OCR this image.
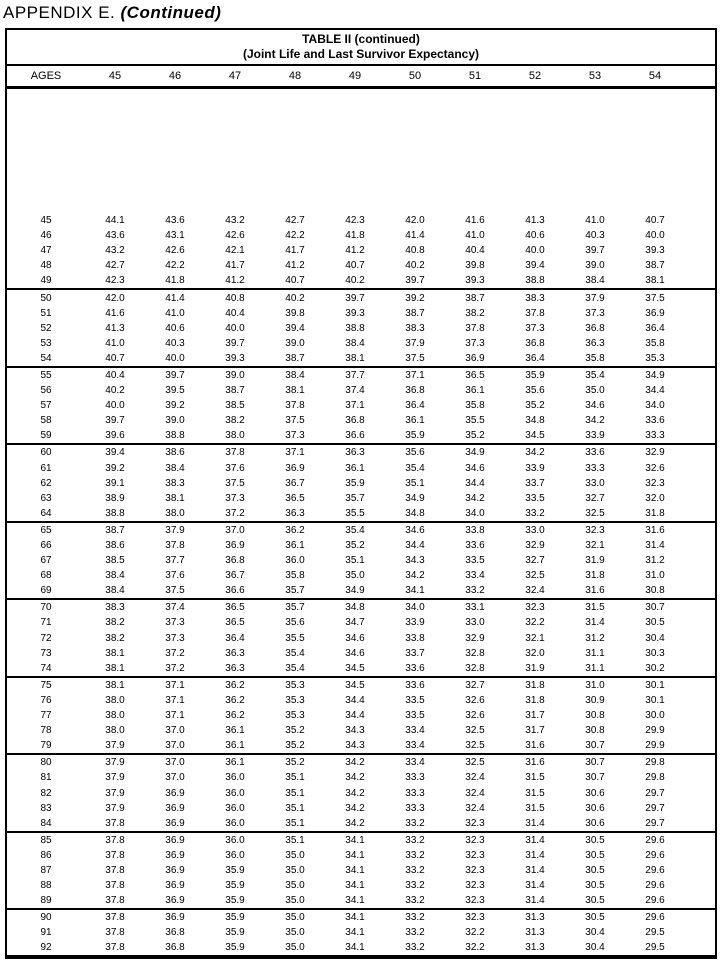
APPENDIX E. (Continued)
TABLE II (continued)
(Joint Life and Last Survivor Expectancy)
AGES	45	46	47	48	49	50	51	52	53	54
45	44.1	43.6	43.2	42.7	42.3	42.0	41.6	41.3	41.0	40.7
46	43.6	43.1	42.6	42.2	41.8	41.4	41.0	40.6	40.3	40.0
47	43.2	42.6	42.1	41.7	41.2	40.8	40.4	40.0	39.7	39.3
48	42.7	42.2	41.7	41.2	40.7	40.2	39.8	39.4	39.0	38.7
49	42.3	41.8	41.2	40.7	40.2	39.7	39.3	38.8	38.4	38.1
50	42.0	41.4	40.8	40.2	39.7	39.2	38.7	38.3	37.9	37.5
51	41.6	41.0	40.4	39.8	39.3	38.7	38.2	37.8	37.3	36.9
52	41.3	40.6	40.0	39.4	38.8	38.3	37.8	37.3	36.8	36.4
53	41.0	40.3	39.7	39.0	38.4	37.9	37.3	36.8	36.3	35.8
54	40.7	40.0	39.3	38.7	38.1	37.5	36.9	36.4	35.8	35.3
55	40.4	39.7	39.0	38.4	37.7	37.1	36.5	35.9	35.4	34.9
56	40.2	39.5	38.7	38.1	37.4	36.8	36.1	35.6	35.0	34.4
57	40.0	39.2	38.5	37.8	37.1	36.4	35.8	35.2	34.6	34.0
58	39.7	39.0	38.2	37.5	36.8	36.1	35.5	34.8	34.2	33.6
59	39.6	38.8	38.0	37.3	36.6	35.9	35.2	34.5	33.9	33.3
60	39.4	38.6	37.8	37.1	36.3	35.6	34.9	34.2	33.6	32.9
61	39.2	38.4	37.6	36.9	36.1	35.4	34.6	33.9	33.3	32.6
62	39.1	38.3	37.5	36.7	35.9	35.1	34.4	33.7	33.0	32.3
63	38.9	38.1	37.3	36.5	35.7	34.9	34.2	33.5	32.7	32.0
64	38.8	38.0	37.2	36.3	35.5	34.8	34.0	33.2	32.5	31.8
65	38.7	37.9	37.0	36.2	35.4	34.6	33.8	33.0	32.3	31.6
66	38.6	37.8	36.9	36.1	35.2	34.4	33.6	32.9	32.1	31.4
67	38.5	37.7	36.8	36.0	35.1	34.3	33.5	32.7	31.9	31.2
68	38.4	37.6	36.7	35.8	35.0	34.2	33.4	32.5	31.8	31.0
69	38.4	37.5	36.6	35.7	34.9	34.1	33.2	32.4	31.6	30.8
70	38.3	37.4	36.5	35.7	34.8	34.0	33.1	32.3	31.5	30.7
71	38.2	37.3	36.5	35.6	34.7	33.9	33.0	32.2	31.4	30.5
72	38.2	37.3	36.4	35.5	34.6	33.8	32.9	32.1	31.2	30.4
73	38.1	37.2	36.3	35.4	34.6	33.7	32.8	32.0	31.1	30.3
74	38.1	37.2	36.3	35.4	34.5	33.6	32.8	31.9	31.1	30.2
75	38.1	37.1	36.2	35.3	34.5	33.6	32.7	31.8	31.0	30.1
76	38.0	37.1	36.2	35.3	34.4	33.5	32.6	31.8	30.9	30.1
77	38.0	37.1	36.2	35.3	34.4	33.5	32.6	31.7	30.8	30.0
78	38.0	37.0	36.1	35.2	34.3	33.4	32.5	31.7	30.8	29.9
79	37.9	37.0	36.1	35.2	34.3	33.4	32.5	31.6	30.7	29.9
80	37.9	37.0	36.1	35.2	34.2	33.4	32.5	31.6	30.7	29.8
81	37.9	37.0	36.0	35.1	34.2	33.3	32.4	31.5	30.7	29.8
82	37.9	36.9	36.0	35.1	34.2	33.3	32.4	31.5	30.6	29.7
83	37.9	36.9	36.0	35.1	34.2	33.3	32.4	31.5	30.6	29.7
84	37.8	36.9	36.0	35.1	34.2	33.2	32.3	31.4	30.6	29.7
85	37.8	36.9	36.0	35.1	34.1	33.2	32.3	31.4	30.5	29.6
86	37.8	36.9	36.0	35.0	34.1	33.2	32.3	31.4	30.5	29.6
87	37.8	36.9	35.9	35.0	34.1	33.2	32.3	31.4	30.5	29.6
88	37.8	36.9	35.9	35.0	34.1	33.2	32.3	31.4	30.5	29.6
89	37.8	36.9	35.9	35.0	34.1	33.2	32.3	31.4	30.5	29.6
90	37.8	36.9	35.9	35.0	34.1	33.2	32.3	31.3	30.5	29.6
91	37.8	36.8	35.9	35.0	34.1	33.2	32.2	31.3	30.4	29.5
92	37.8	36.8	35.9	35.0	34.1	33.2	32.2	31.3	30.4	29.5
